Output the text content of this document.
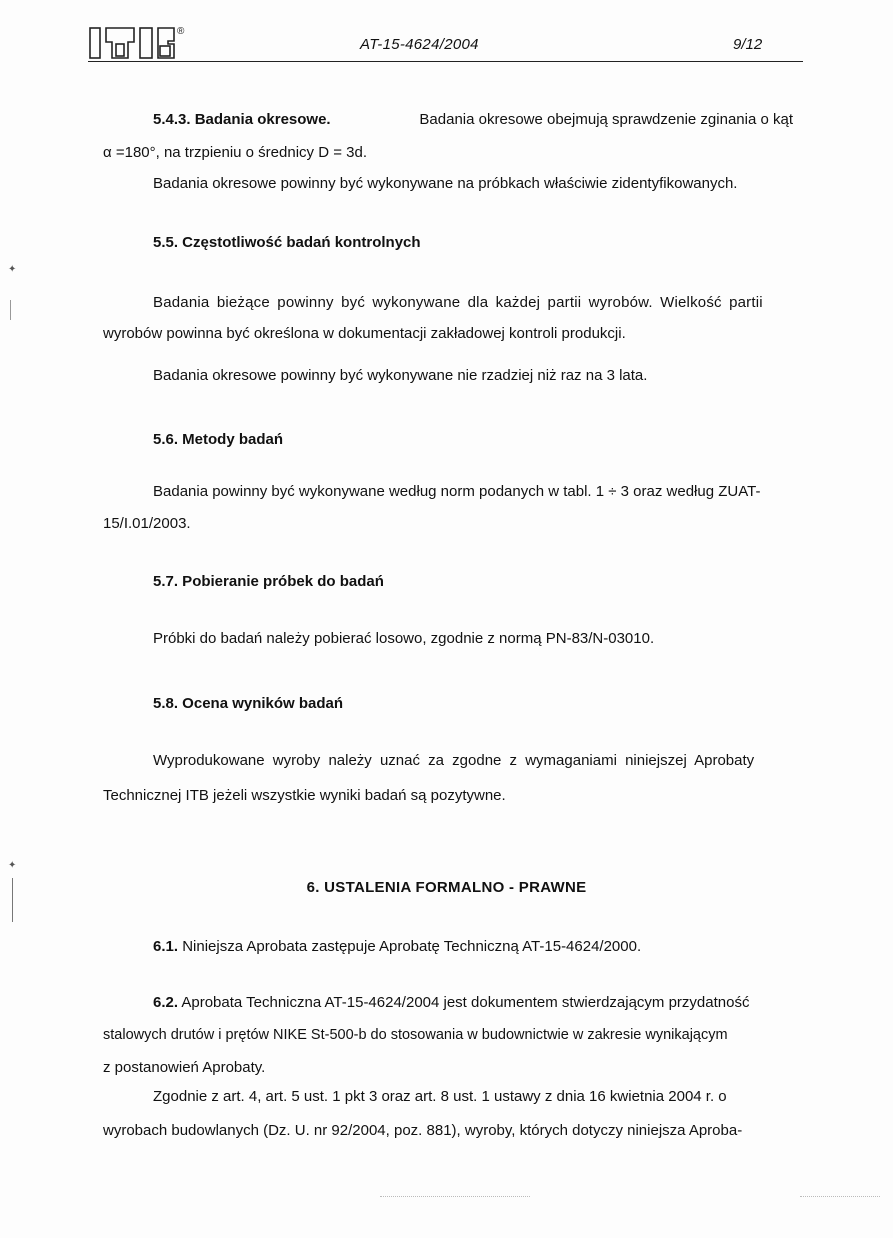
®
AT-15-4624/2004	9/12
5.4.3. Badania okresowe.	Badania okresowe obejmują sprawdzenie zginania o kąt
α =180°, na trzpieniu o średnicy D = 3d.
Badania okresowe powinny być wykonywane na próbkach właściwie zidentyfikowanych.
5.5. Częstotliwość badań kontrolnych
Badania bieżące powinny być wykonywane dla każdej partii wyrobów. Wielkość partii
wyrobów powinna być określona w dokumentacji zakładowej kontroli produkcji.
Badania okresowe powinny być wykonywane nie rzadziej niż raz na 3 lata.
5.6. Metody badań
Badania powinny być wykonywane według norm podanych w tabl. 1 ÷ 3 oraz według ZUAT-
15/I.01/2003.
5.7. Pobieranie próbek do badań
Próbki do badań należy pobierać losowo, zgodnie z normą PN-83/N-03010.
5.8. Ocena wyników badań
Wyprodukowane wyroby należy uznać za zgodne z wymaganiami niniejszej Aprobaty
Technicznej ITB jeżeli wszystkie wyniki badań są pozytywne.
6. USTALENIA FORMALNO - PRAWNE
6.1. Niniejsza Aprobata zastępuje Aprobatę Techniczną AT-15-4624/2000.
6.2. Aprobata Techniczna AT-15-4624/2004 jest dokumentem stwierdzającym przydatność
stalowych drutów i prętów NIKE St-500-b do stosowania w budownictwie w zakresie wynikającym
z postanowień Aprobaty.
Zgodnie z art. 4, art. 5 ust. 1 pkt 3 oraz art. 8 ust. 1 ustawy z dnia 16 kwietnia 2004 r. o
wyrobach budowlanych (Dz. U. nr 92/2004, poz. 881), wyroby, których dotyczy niniejsza Aproba-
✦
✦
